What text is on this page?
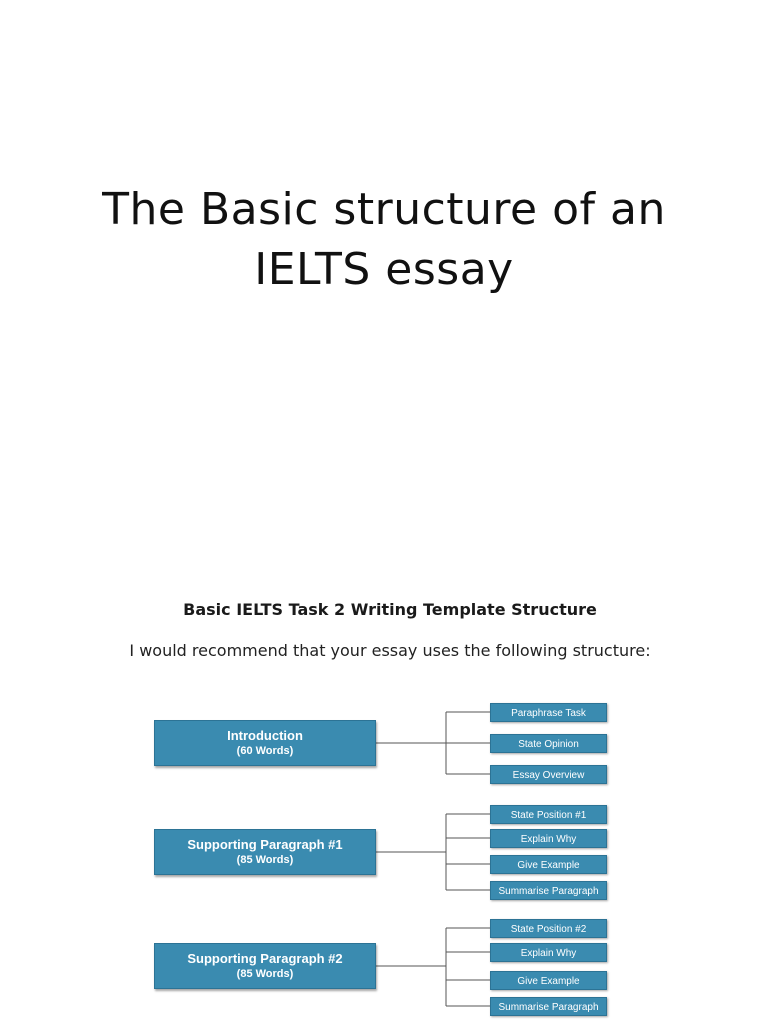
The Basic structure of an
IELTS essay
Basic IELTS Task 2 Writing Template Structure
I would recommend that your essay uses the following structure:
Introduction
(60 Words)
Paraphrase Task
State Opinion
Essay Overview
Supporting Paragraph #1
(85 Words)
State Position #1
Explain Why
Give Example
Summarise Paragraph
Supporting Paragraph #2
(85 Words)
State Position #2
Explain Why
Give Example
Summarise Paragraph
